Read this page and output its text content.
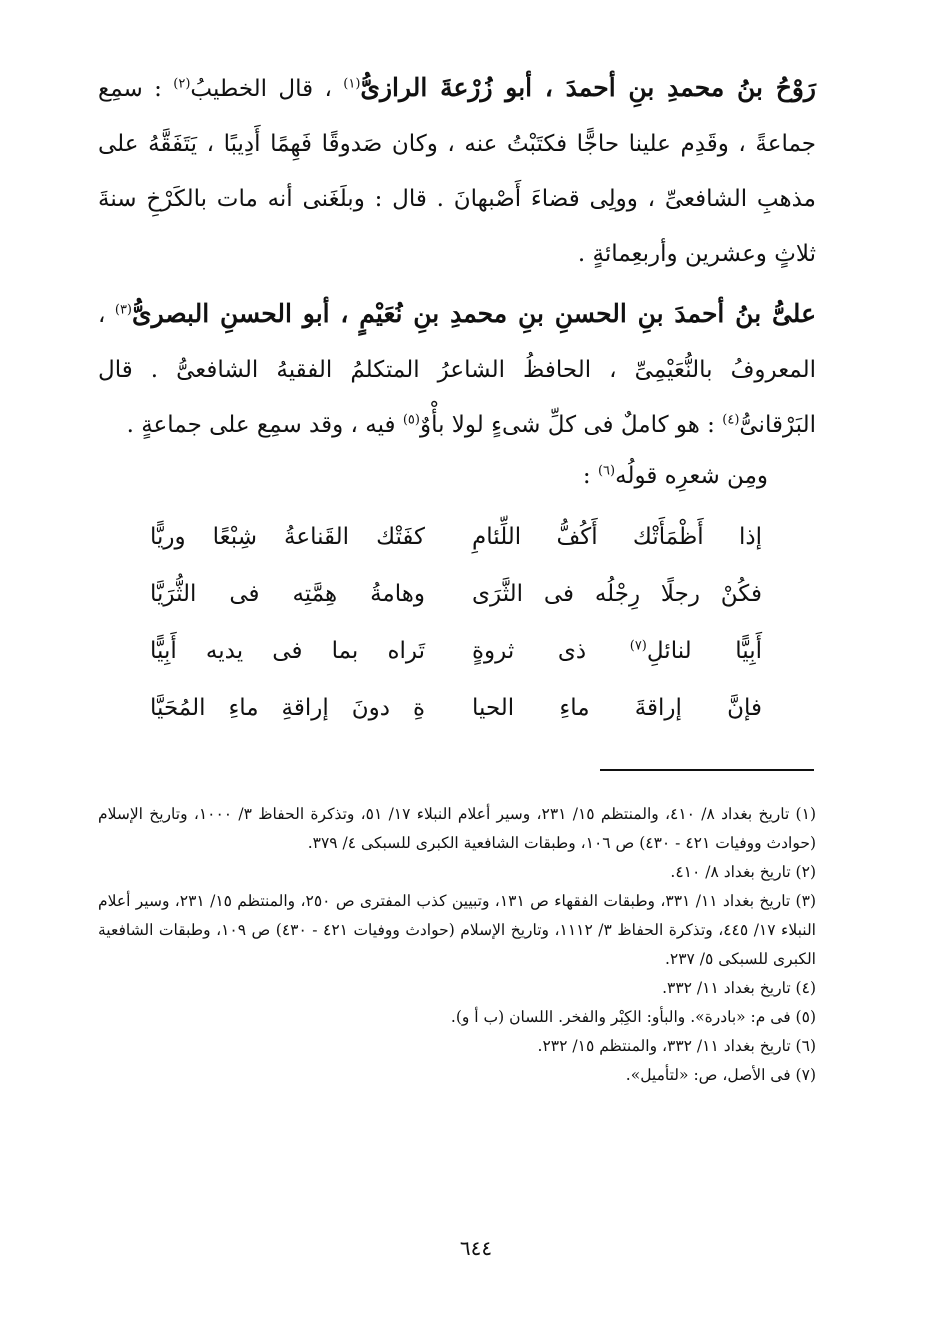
رَوْحُ بنُ محمدِ بنِ أحمدَ ، أبو زُرْعةَ الرازىُّ$^{(١)}$ ، قال الخطيبُ$^{(٢)}$ : سمِع جماعةً ، وقَدِم علينا حاجًّا فكتَبْتُ عنه ، وكان صَدوقًا فَهِمًا أَدِيبًا ، يَتَفَقَّهُ على مذهبِ الشافعىِّ ، وولِى قضاءَ أَصْبهانَ . قال : وبلَغَنى أنه مات بالكَرْخِ سنةَ ثلاثٍ وعشرين وأربعِمائةٍ .
علىُّ بنُ أحمدَ بنِ الحسنِ بنِ محمدِ بنِ نُعَيْمٍ ، أبو الحسنِ البصرىُّ$^{(٣)}$ ، المعروفُ بالنُّعَيْمِىِّ ، الحافظُ الشاعرُ المتكلمُ الفقيهُ الشافعىُّ . قال البَرْقانىُّ$^{(٤)}$ : هو كاملٌ فى كلِّ شىءٍ لولا بأْوٌ$^{(٥)}$ فيه ، وقد سمِع على جماعةٍ .
ومِن شعرِه قولُه$^{(٦)}$ :
إذا أَظْمَأَتْك أَكُفُّ اللِّئامِ
كفَتْك القَناعةُ شِبْعًا وريًّا
فكُنْ رجلًا رِجْلُه فى الثَّرَى
وهامةُ هِمَّتِه فى الثُّرَيَّا
أَبِيًّا لنائلِ$^{(٧)}$ ذى ثروةٍ
تَراه بما فى يديه أَبِيًّا
فإنَّ إراقةَ ماءِ الحيا
ةِ دونَ إراقةِ ماءِ المُحَيَّا

(١) تاريخ بغداد ٨/ ٤١٠، والمنتظم ١٥/ ٢٣١، وسير أعلام النبلاء ١٧/ ٥١، وتذكرة الحفاظ ٣/ ١٠٠٠، وتاريخ الإسلام (حوادث ووفيات ٤٢١ - ٤٣٠) ص ١٠٦، وطبقات الشافعية الكبرى للسبكى ٤/ ٣٧٩.

(٢) تاريخ بغداد ٨/ ٤١٠.

(٣) تاريخ بغداد ١١/ ٣٣١، وطبقات الفقهاء ص ١٣١، وتبيين كذب المفترى ص ٢٥٠، والمنتظم ١٥/ ٢٣١، وسير أعلام النبلاء ١٧/ ٤٤٥، وتذكرة الحفاظ ٣/ ١١١٢، وتاريخ الإسلام (حوادث ووفيات ٤٢١ - ٤٣٠) ص ١٠٩، وطبقات الشافعية الكبرى للسبكى ٥/ ٢٣٧.

(٤) تاريخ بغداد ١١/ ٣٣٢.

(٥) فى م: «بادرة». والبأو: الكِبْر والفخر. اللسان (ب أ و).

(٦) تاريخ بغداد ١١/ ٣٣٢، والمنتظم ١٥/ ٢٣٢.

(٧) فى الأصل، ص: «لتأميل».

٦٤٤
